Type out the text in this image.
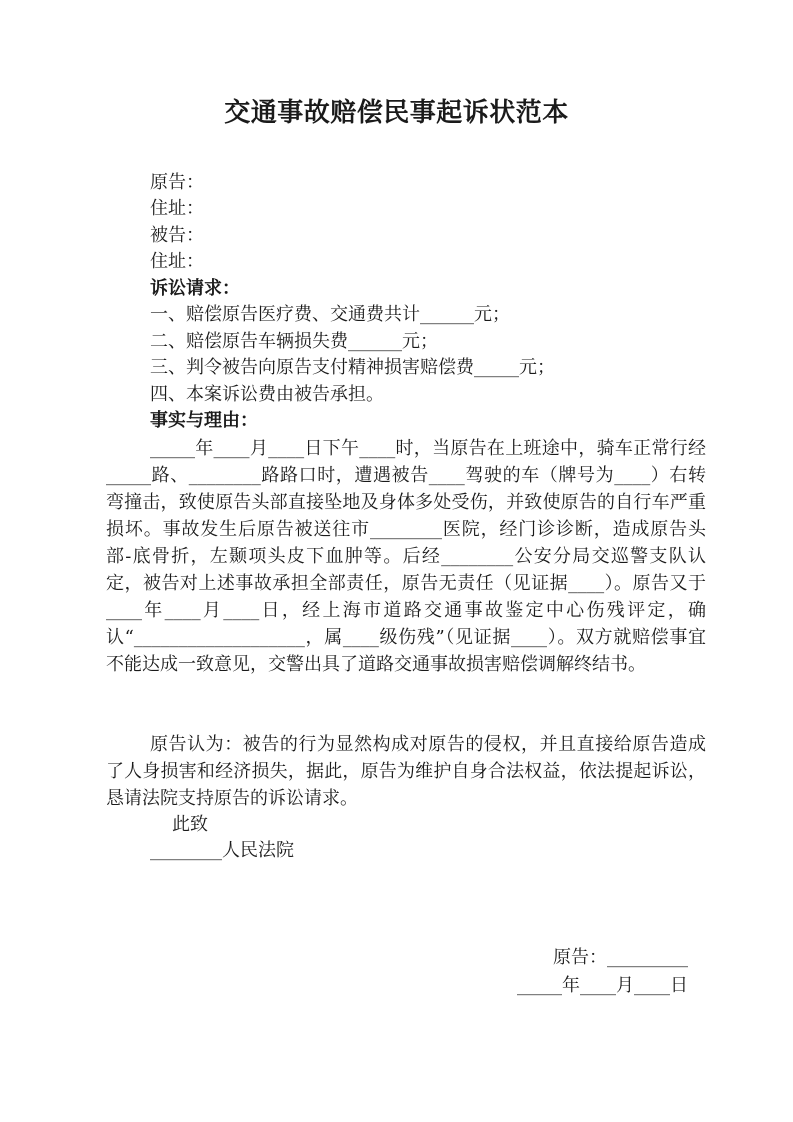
交通事故赔偿民事起诉状范本
原告：
住址：
被告：
住址：
诉讼请求：
一、赔偿原告医疗费、交通费共计______元；
二、赔偿原告车辆损失费______元；
三、判令被告向原告支付精神损害赔偿费_____元；
四、本案诉讼费由被告承担。
事实与理由：
_____年____月____日下午____时，当原告在上班途中，骑车正常行经_____路、________路路口时，遭遇被告____驾驶的车（牌号为____）右转弯撞击，致使原告头部直接坠地及身体多处受伤，并致使原告的自行车严重损坏。事故发生后原告被送往市________医院，经门诊诊断，造成原告头部-底骨折，左颞项头皮下血肿等。后经________公安分局交巡警支队认定，被告对上述事故承担全部责任，原告无责任（见证据____）。原告又于____年____月____日，经上海市道路交通事故鉴定中心伤残评定，确认“___________________，属____级伤残”（见证据____）。双方就赔偿事宜不能达成一致意见，交警出具了道路交通事故损害赔偿调解终结书。
原告认为：被告的行为显然构成对原告的侵权，并且直接给原告造成了人身损害和经济损失，据此，原告为维护自身合法权益，依法提起诉讼，恳请法院支持原告的诉讼请求。
此致
________人民法院
原告：_________
_____年____月____日
